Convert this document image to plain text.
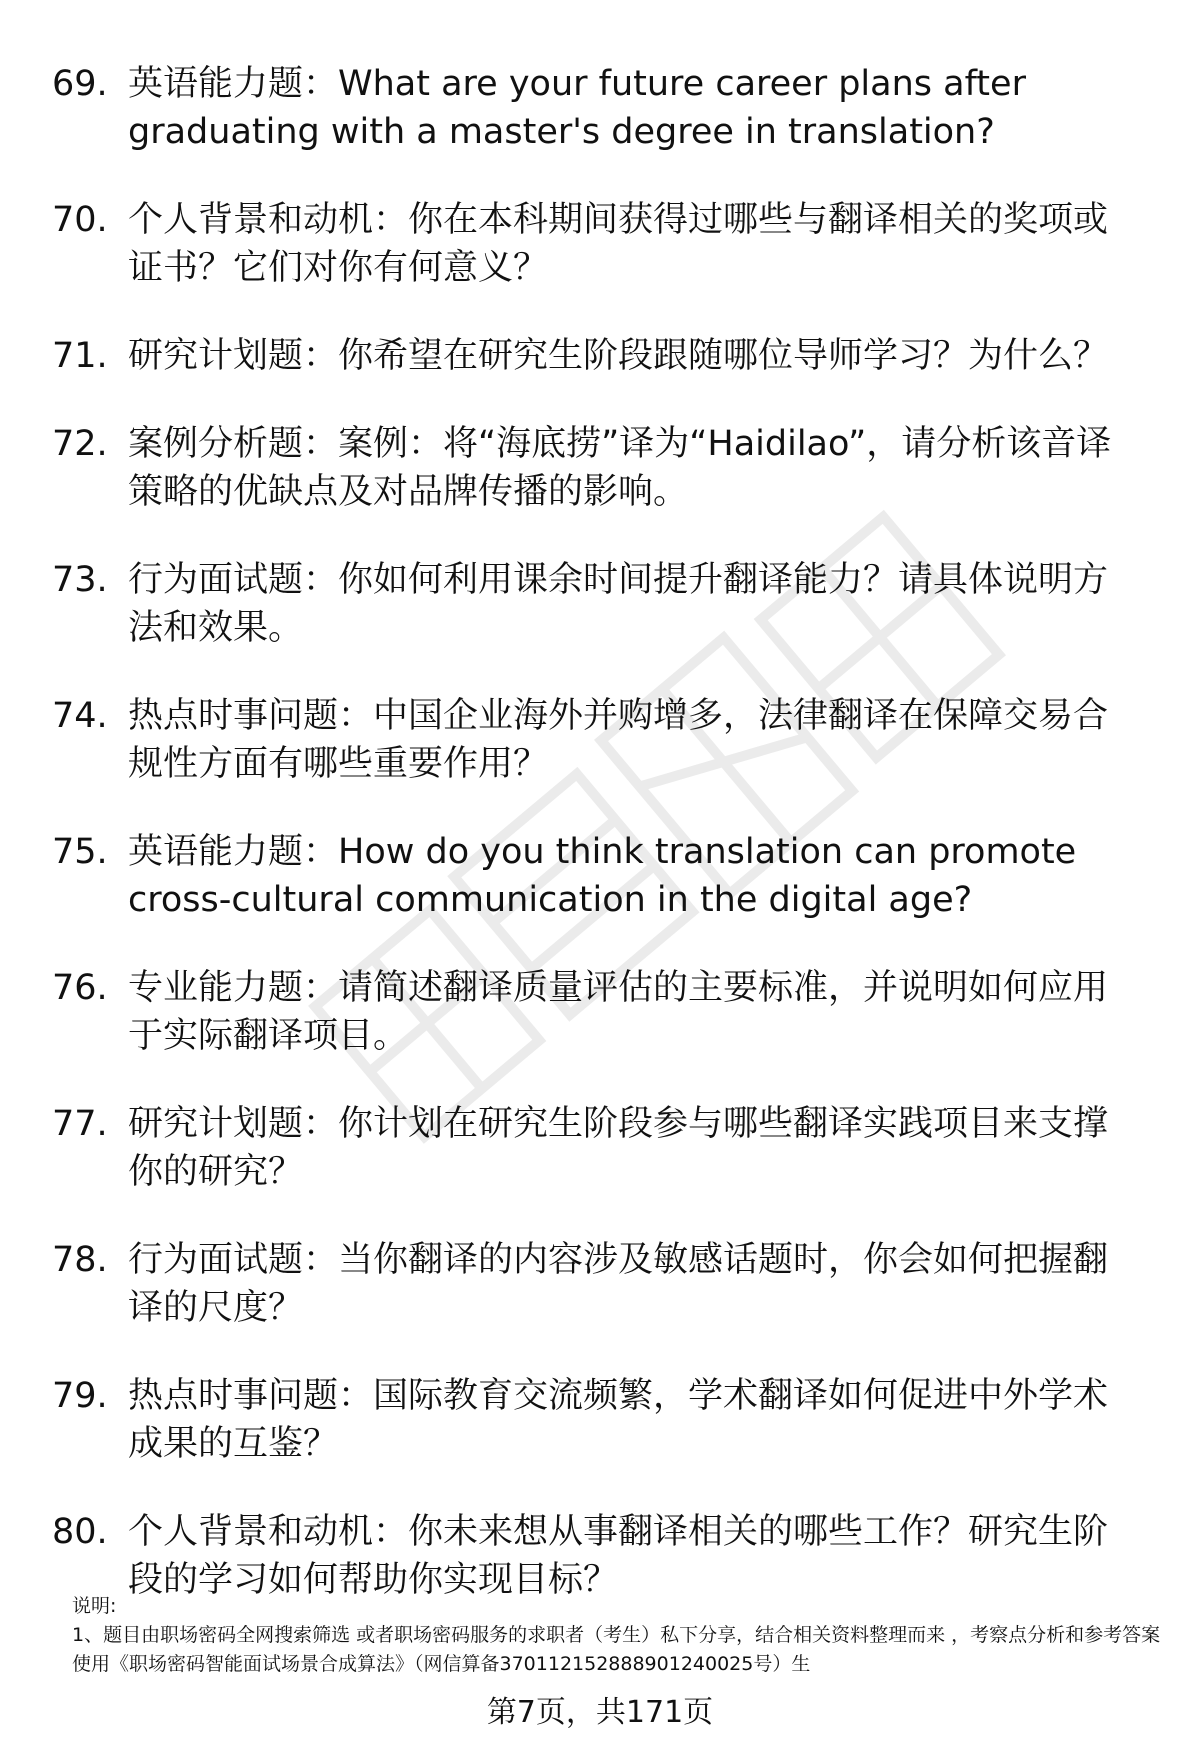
69. 英语能力题：What are your future career plans after graduating with a master's degree in translation?
70. 个人背景和动机：你在本科期间获得过哪些与翻译相关的奖项或证书？它们对你有何意义？
71. 研究计划题：你希望在研究生阶段跟随哪位导师学习？为什么？
72. 案例分析题：案例：将“海底捞”译为“Haidilao”，请分析该音译策略的优缺点及对品牌传播的影响。
73. 行为面试题：你如何利用课余时间提升翻译能力？请具体说明方法和效果。
74. 热点时事问题：中国企业海外并购增多，法律翻译在保障交易合规性方面有哪些重要作用？
75. 英语能力题：How do you think translation can promote cross-cultural communication in the digital age?
76. 专业能力题：请简述翻译质量评估的主要标准，并说明如何应用于实际翻译项目。
77. 研究计划题：你计划在研究生阶段参与哪些翻译实践项目来支撑你的研究？
78. 行为面试题：当你翻译的内容涉及敏感话题时，你会如何把握翻译的尺度？
79. 热点时事问题：国际教育交流频繁，学术翻译如何促进中外学术成果的互鉴？
80. 个人背景和动机：你未来想从事翻译相关的哪些工作？研究生阶段的学习如何帮助你实现目标？
说明:
1、题目由职场密码全网搜索筛选 或者职场密码服务的求职者（考生）私下分享，结合相关资料整理而来 ，考察点分析和参考答案使用《职场密码智能面试场景合成算法》（网信算备37011215288890124002​5号）生
第7页，共171页
